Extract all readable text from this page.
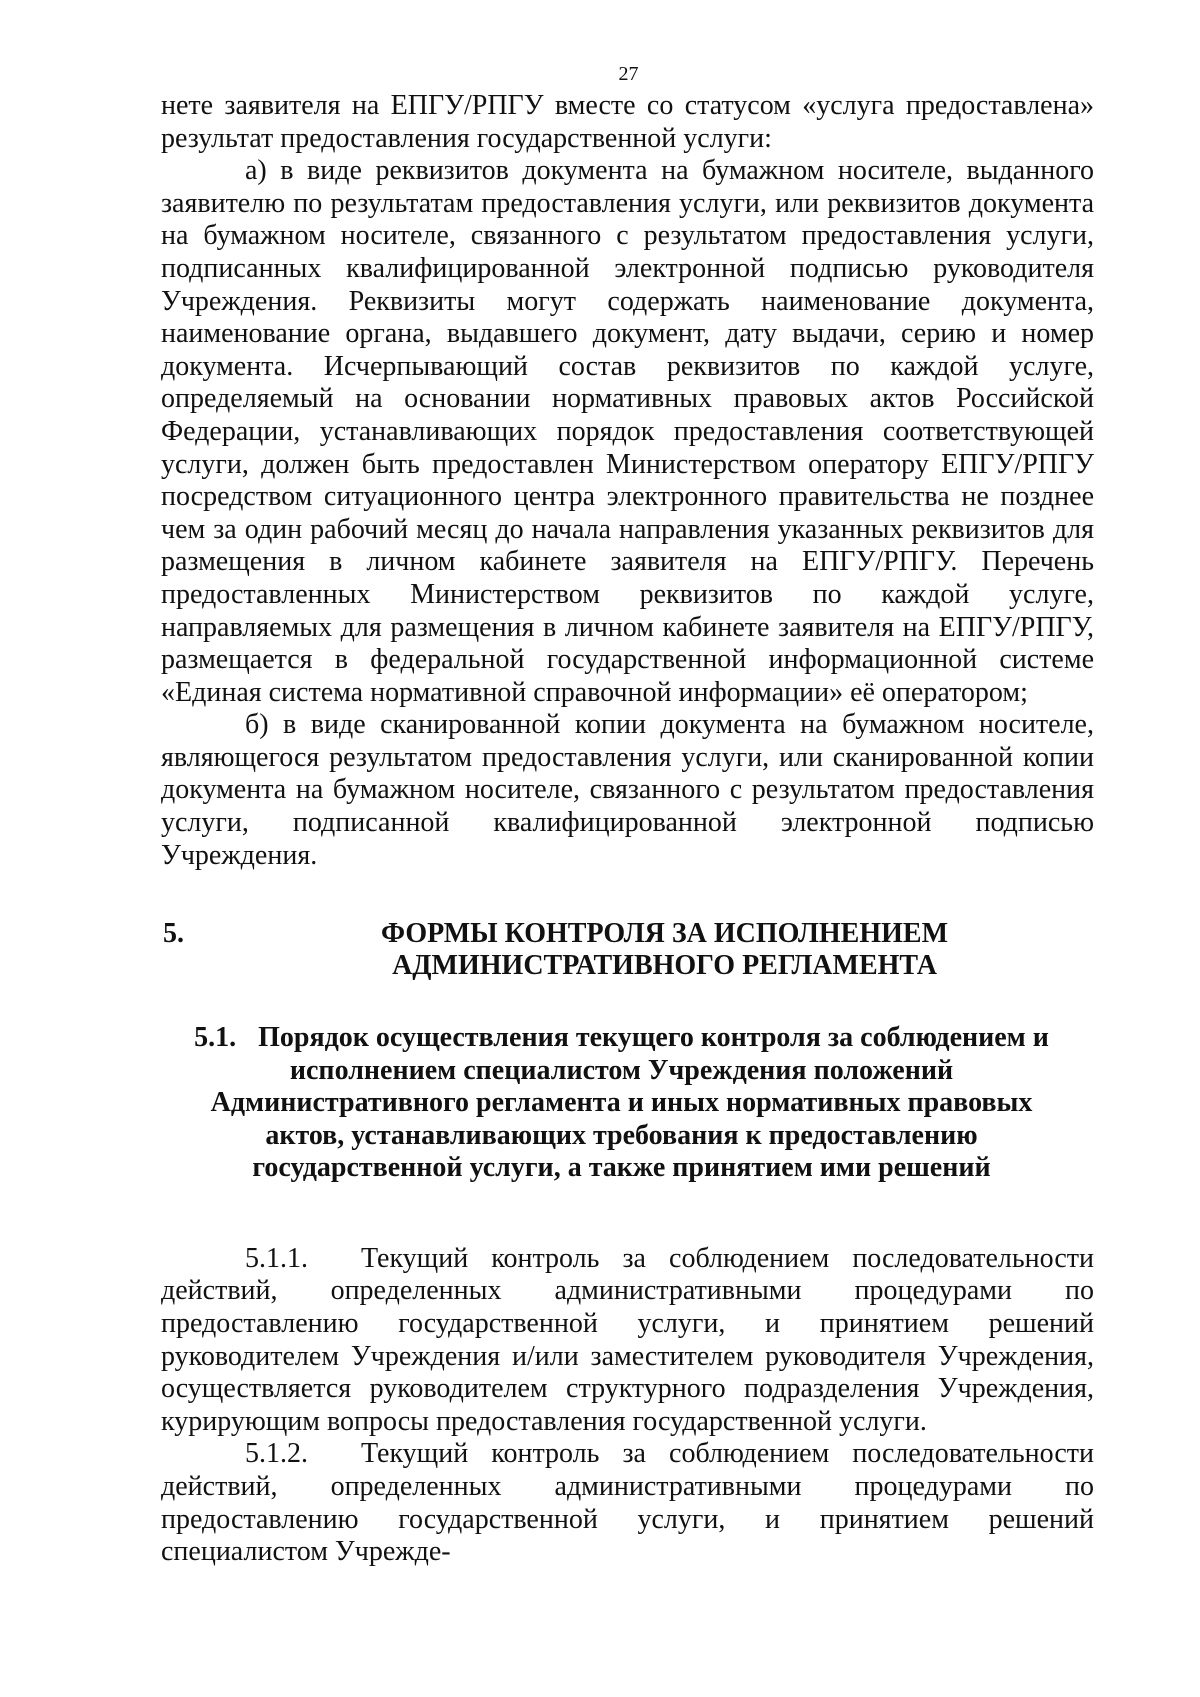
27

нете заявителя на ЕПГУ/РПГУ вместе со статусом «услуга предоставлена» результат предоставления государственной услуги:

а) в виде реквизитов документа на бумажном носителе, выданного заявителю по результатам предоставления услуги, или реквизитов документа на бумажном носителе, связанного с результатом предоставления услуги, подписанных квалифицированной электронной подписью руководителя Учреждения. Реквизиты могут содержать наименование документа, наименование органа, выдавшего документ, дату выдачи, серию и номер документа. Исчерпывающий состав реквизитов по каждой услуге, определяемый на основании нормативных правовых актов Российской Федерации, устанавливающих порядок предоставления соответствующей услуги, должен быть предоставлен Министерством оператору ЕПГУ/РПГУ посредством ситуационного центра электронного правительства не позднее чем за один рабочий месяц до начала направления указанных реквизитов для размещения в личном кабинете заявителя на ЕПГУ/РПГУ. Перечень предоставленных Министерством реквизитов по каждой услуге, направляемых для размещения в личном кабинете заявителя на ЕПГУ/РПГУ, размещается в федеральной государственной информационной системе «Единая система нормативной справочной информации» её оператором;

б) в виде сканированной копии документа на бумажном носителе, являющегося результатом предоставления услуги, или сканированной копии документа на бумажном носителе, связанного с результатом предоставления услуги, подписанной квалифицированной электронной подписью Учреждения.

5.	ФОРМЫ КОНТРОЛЯ ЗА ИСПОЛНЕНИЕМ АДМИНИСТРАТИВНОГО РЕГЛАМЕНТА
5.1. Порядок осуществления текущего контроля за соблюдением и исполнением специалистом Учреждения положений Административного регламента и иных нормативных правовых актов, устанавливающих требования к предоставлению государственной услуги, а также принятием ими решений

5.1.1. Текущий контроль за соблюдением последовательности действий, определенных административными процедурами по предоставлению государственной услуги, и принятием решений руководителем Учреждения и/или заместителем руководителя Учреждения, осуществляется руководителем структурного подразделения Учреждения, курирующим вопросы предоставления государственной услуги.

5.1.2. Текущий контроль за соблюдением последовательности действий, определенных административными процедурами по предоставлению государственной услуги, и принятием решений специалистом Учрежде-
